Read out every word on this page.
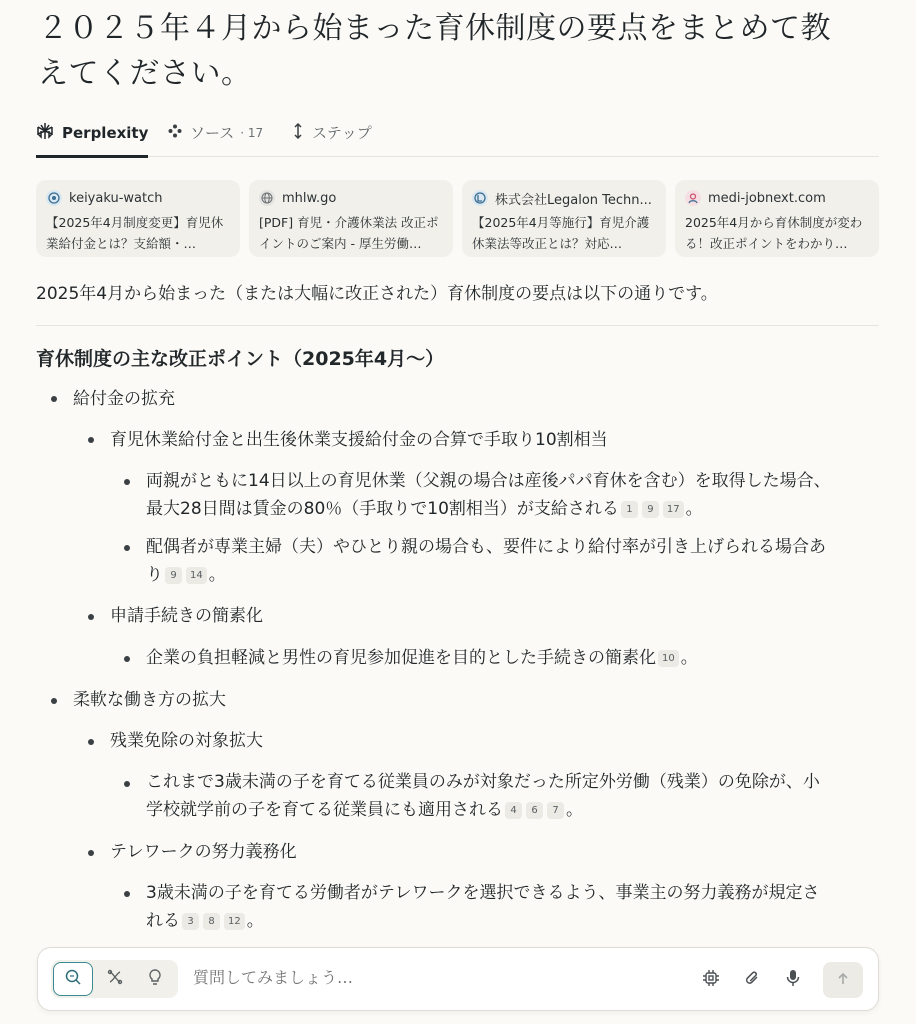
２０２５年４月から始まった育休制度の要点をまとめて教えてください。
Perplexity	ソース · 17	ステップ
keiyaku-watch
【2025年4月制度変更】育児休業給付金とは？支給額・…
mhlw.go
[PDF] 育児・介護休業法 改正ポイントのご案内 - 厚生労働…
株式会社Legalon Techn...
【2025年4月等施行】育児介護休業法等改正とは？対応…
medi-jobnext.com
2025年4月から育休制度が変わる！改正ポイントをわかり…

2025年4月から始まった（または大幅に改正された）育休制度の要点は以下の通りです。

育休制度の主な改正ポイント（2025年4月〜）
給付金の拡充
育児休業給付金と出生後休業支援給付金の合算で手取り10割相当
両親がともに14日以上の育児休業（父親の場合は産後パパ育休を含む）を取得した場合、
最大28日間は賃金の80％（手取りで10割相当）が支給される 1 9 17 。
配偶者が専業主婦（夫）やひとり親の場合も、要件により給付率が引き上げられる場合あ
り 9 14 。
申請手続きの簡素化
企業の負担軽減と男性の育児参加促進を目的とした手続きの簡素化 10 。
柔軟な働き方の拡大
残業免除の対象拡大
これまで3歳未満の子を育てる従業員のみが対象だった所定外労働（残業）の免除が、小
学校就学前の子を育てる従業員にも適用される 4 6 7 。
テレワークの努力義務化
3歳未満の子を育てる労働者がテレワークを選択できるよう、事業主の努力義務が規定さ
れる 3 8 12 。
質問してみましょう…
